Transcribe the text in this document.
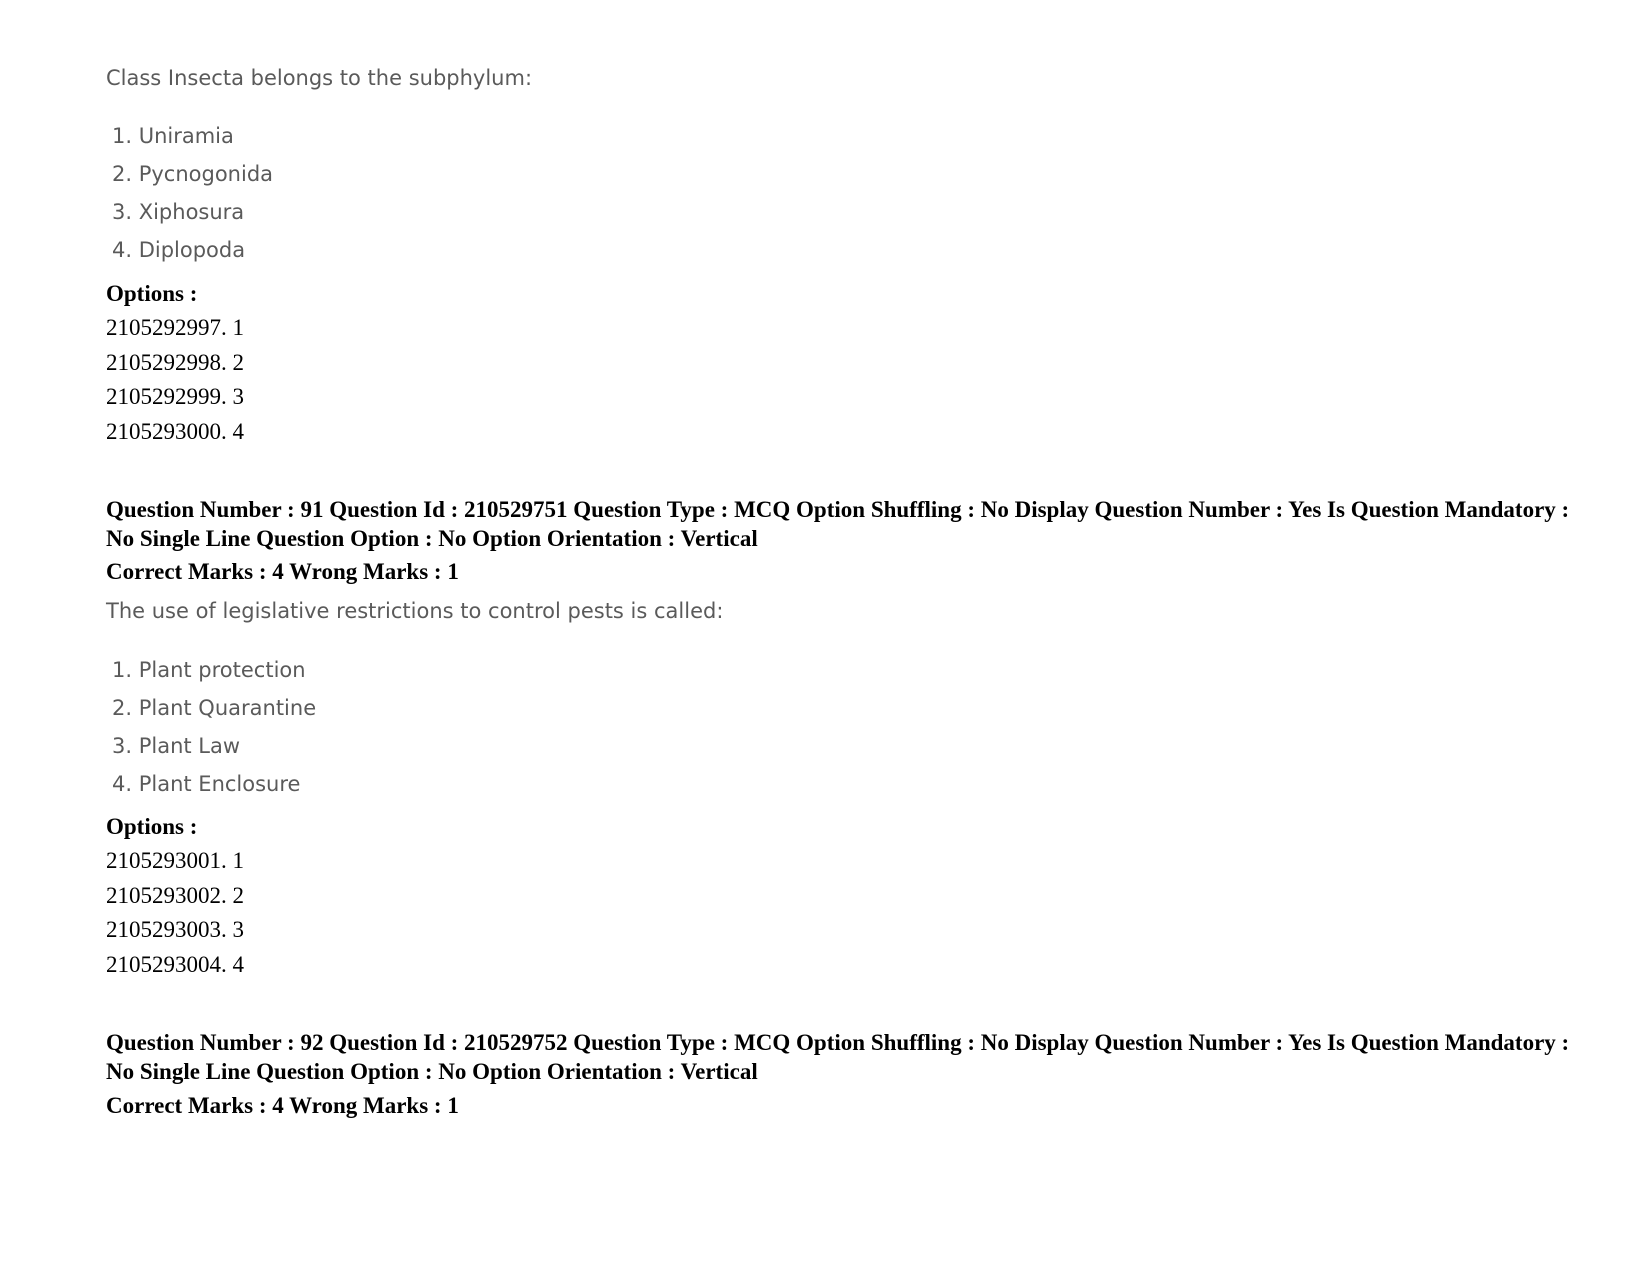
Class Insecta belongs to the subphylum:

1. Uniramia
2. Pycnogonida
3. Xiphosura
4. Diplopoda
Options :
2105292997. 1
2105292998. 2
2105292999. 3
2105293000. 4
Question Number : 91 Question Id : 210529751 Question Type : MCQ Option Shuffling : No Display Question Number : Yes Is Question Mandatory : No Single Line Question Option : No Option Orientation : Vertical
Correct Marks : 4 Wrong Marks : 1

The use of legislative restrictions to control pests is called:

1. Plant protection
2. Plant Quarantine
3. Plant Law
4. Plant Enclosure
Options :
2105293001. 1
2105293002. 2
2105293003. 3
2105293004. 4
Question Number : 92 Question Id : 210529752 Question Type : MCQ Option Shuffling : No Display Question Number : Yes Is Question Mandatory : No Single Line Question Option : No Option Orientation : Vertical
Correct Marks : 4 Wrong Marks : 1
